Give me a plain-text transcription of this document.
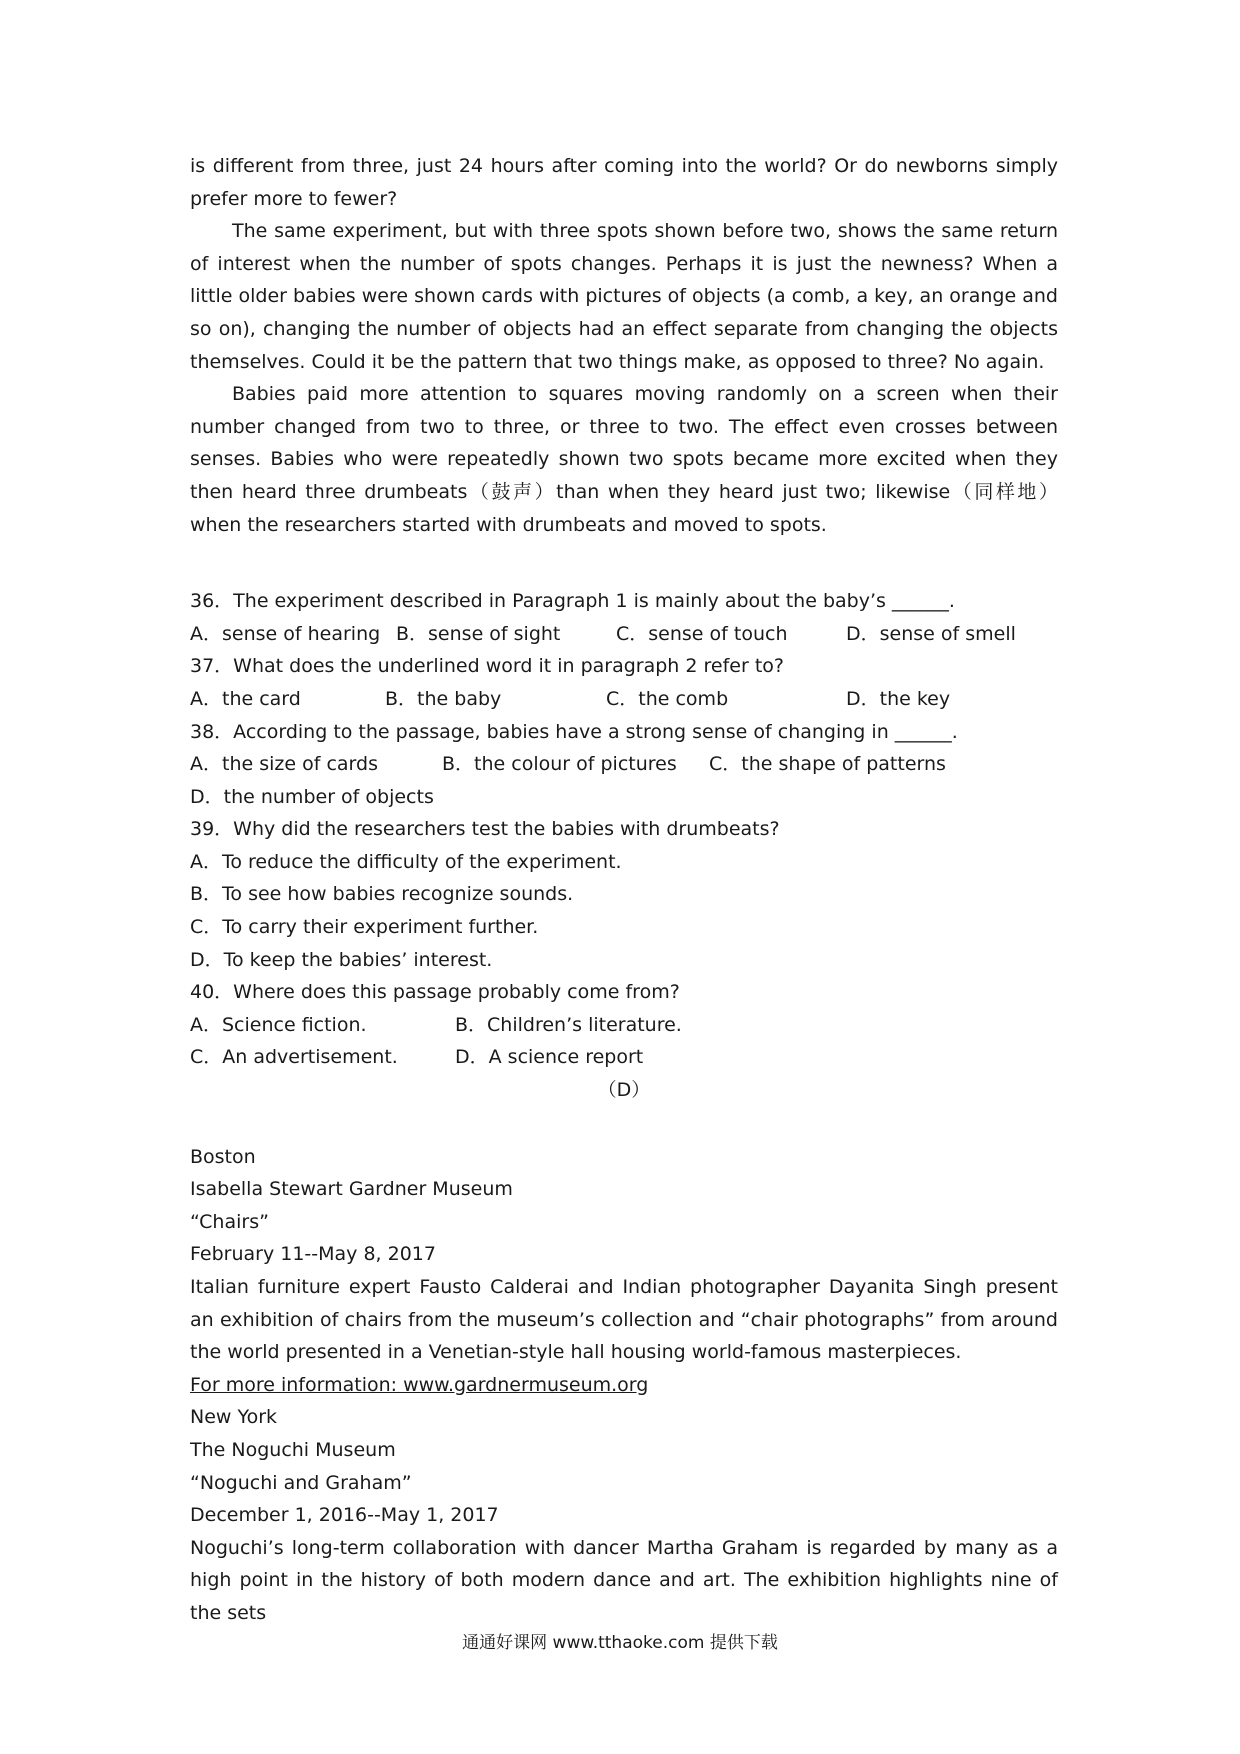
is different from three, just 24 hours after coming into the world? Or do newborns simply prefer more to fewer?

The same experiment, but with three spots shown before two, shows the same return of interest when the number of spots changes. Perhaps it is just the newness? When a little older babies were shown cards with pictures of objects (a comb, a key, an orange and so on), changing the number of objects had an effect separate from changing the objects themselves. Could it be the pattern that two things make, as opposed to three? No again.

Babies paid more attention to squares moving randomly on a screen when their number changed from two to three, or three to two. The effect even crosses between senses. Babies who were repeatedly shown two spots became more excited when they then heard three drumbeats（鼓声）than when they heard just two; likewise（同样地）when the researchers started with drumbeats and moved to spots.

36．The experiment described in Paragraph 1 is mainly about the baby’s ______.

A．sense of hearing B．sense of sight	C．sense of touch	D．sense of smell

37．What does the underlined word it in paragraph 2 refer to?

A．the card	B．the baby	C．the comb	D．the key

38．According to the passage, babies have a strong sense of changing in ______.

A．the size of cards	B．the colour of pictures	C．the shape of patterns

D．the number of objects

39．Why did the researchers test the babies with drumbeats?

A．To reduce the difficulty of the experiment.

B．To see how babies recognize sounds.

C．To carry their experiment further.

D．To keep the babies’ interest.

40．Where does this passage probably come from?

A．Science fiction.	B．Children’s literature.
C．An advertisement.	D．A science report

（D）

Boston

Isabella Stewart Gardner Museum

“Chairs”

February 11--May 8, 2017

Italian furniture expert Fausto Calderai and Indian photographer Dayanita Singh present an exhibition of chairs from the museum’s collection and “chair photographs” from around the world presented in a Venetian-style hall housing world-famous masterpieces.

For more information: www.gardnermuseum.org

New York

The Noguchi Museum

“Noguchi and Graham”

December 1, 2016--May 1, 2017

Noguchi’s long-term collaboration with dancer Martha Graham is regarded by many as a high point in the history of both modern dance and art. The exhibition highlights nine of the sets

通通好课网 www.tthaoke.com 提供下载
